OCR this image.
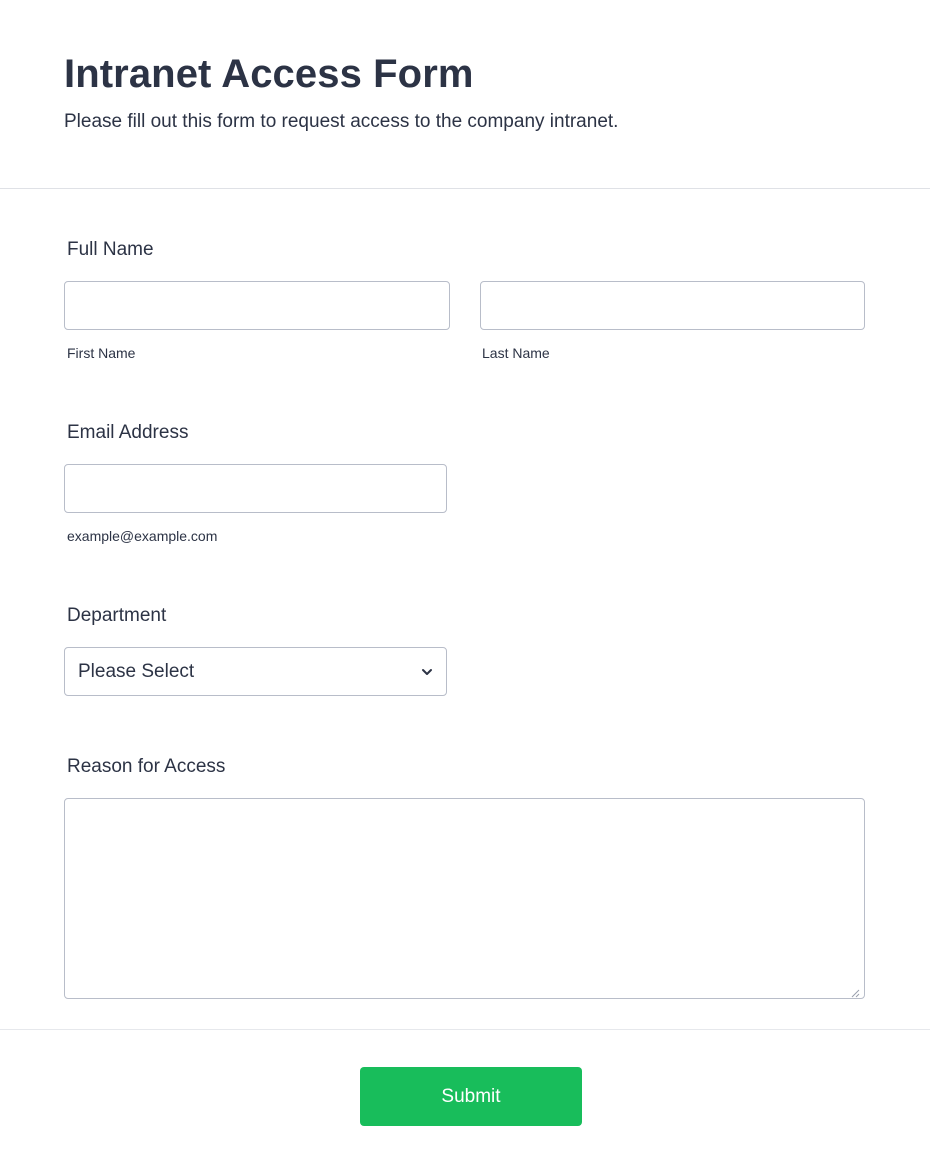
Intranet Access Form

Please fill out this form to request access to the company intranet.

Full Name
First Name	Last Name
Email Address
example@example.com
Department
Please Select
Reason for Access
Submit
